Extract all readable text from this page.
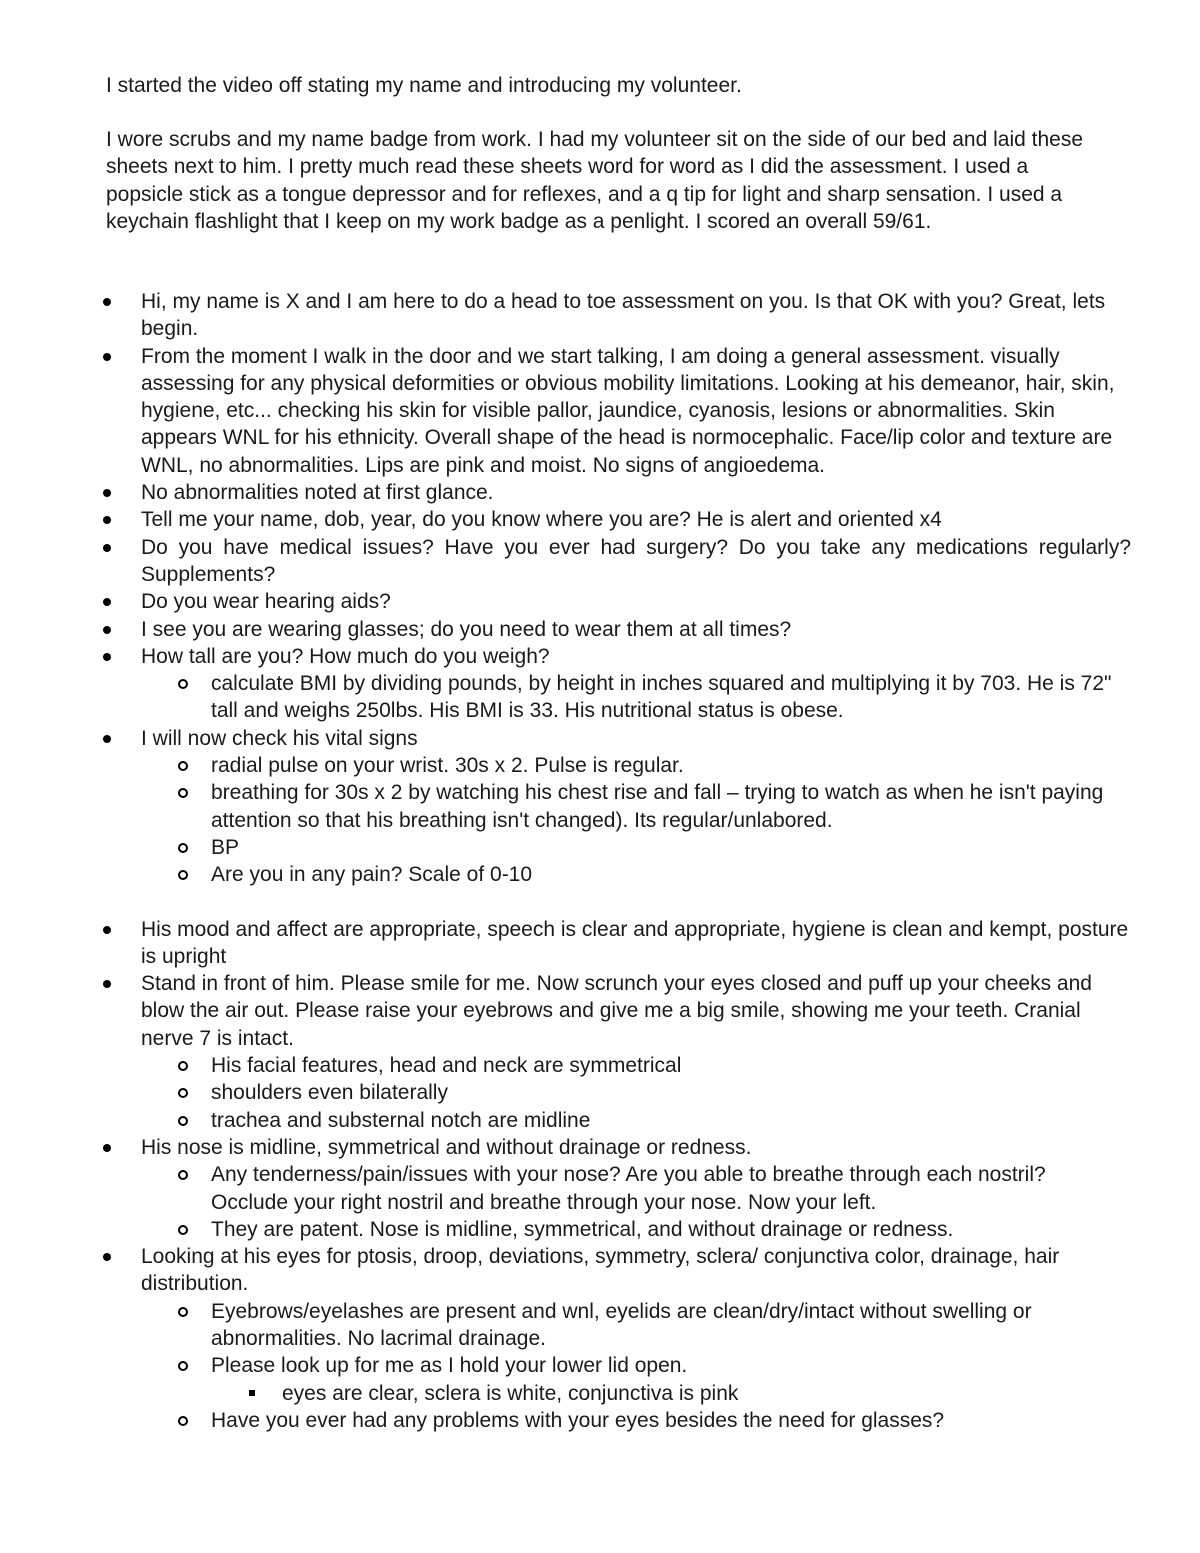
I started the video off stating my name and introducing my volunteer.

I wore scrubs and my name badge from work. I had my volunteer sit on the side of our bed and laid these sheets next to him. I pretty much read these sheets word for word as I did the assessment. I used a popsicle stick as a tongue depressor and for reflexes, and a q tip for light and sharp sensation. I used a keychain flashlight that I keep on my work badge as a penlight. I scored an overall 59/61.

Hi, my name is X and I am here to do a head to toe assessment on you. Is that OK with you? Great, lets begin.
From the moment I walk in the door and we start talking, I am doing a general assessment. visually assessing for any physical deformities or obvious mobility limitations. Looking at his demeanor, hair, skin, hygiene, etc... checking his skin for visible pallor, jaundice, cyanosis, lesions or abnormalities. Skin appears WNL for his ethnicity. Overall shape of the head is normocephalic. Face/lip color and texture are WNL, no abnormalities. Lips are pink and moist. No signs of angioedema.
No abnormalities noted at first glance.
Tell me your name, dob, year, do you know where you are? He is alert and oriented x4
Do you have medical issues? Have you ever had surgery? Do you take any medications regularly? Supplements?
Do you wear hearing aids?
I see you are wearing glasses; do you need to wear them at all times?
How tall are you? How much do you weigh?
calculate BMI by dividing pounds, by height in inches squared and multiplying it by 703. He is 72" tall and weighs 250lbs. His BMI is 33. His nutritional status is obese.
I will now check his vital signs
radial pulse on your wrist. 30s x 2. Pulse is regular.
breathing for 30s x 2 by watching his chest rise and fall – trying to watch as when he isn't paying attention so that his breathing isn't changed). Its regular/unlabored.
BP
Are you in any pain? Scale of 0-10
His mood and affect are appropriate, speech is clear and appropriate, hygiene is clean and kempt, posture is upright
Stand in front of him. Please smile for me. Now scrunch your eyes closed and puff up your cheeks and blow the air out. Please raise your eyebrows and give me a big smile, showing me your teeth. Cranial nerve 7 is intact.
His facial features, head and neck are symmetrical
shoulders even bilaterally
trachea and substernal notch are midline
His nose is midline, symmetrical and without drainage or redness.
Any tenderness/pain/issues with your nose? Are you able to breathe through each nostril? Occlude your right nostril and breathe through your nose. Now your left.
They are patent. Nose is midline, symmetrical, and without drainage or redness.
Looking at his eyes for ptosis, droop, deviations, symmetry, sclera/ conjunctiva color, drainage, hair distribution.
Eyebrows/eyelashes are present and wnl, eyelids are clean/dry/intact without swelling or abnormalities. No lacrimal drainage.
Please look up for me as I hold your lower lid open.
eyes are clear, sclera is white, conjunctiva is pink
Have you ever had any problems with your eyes besides the need for glasses?
